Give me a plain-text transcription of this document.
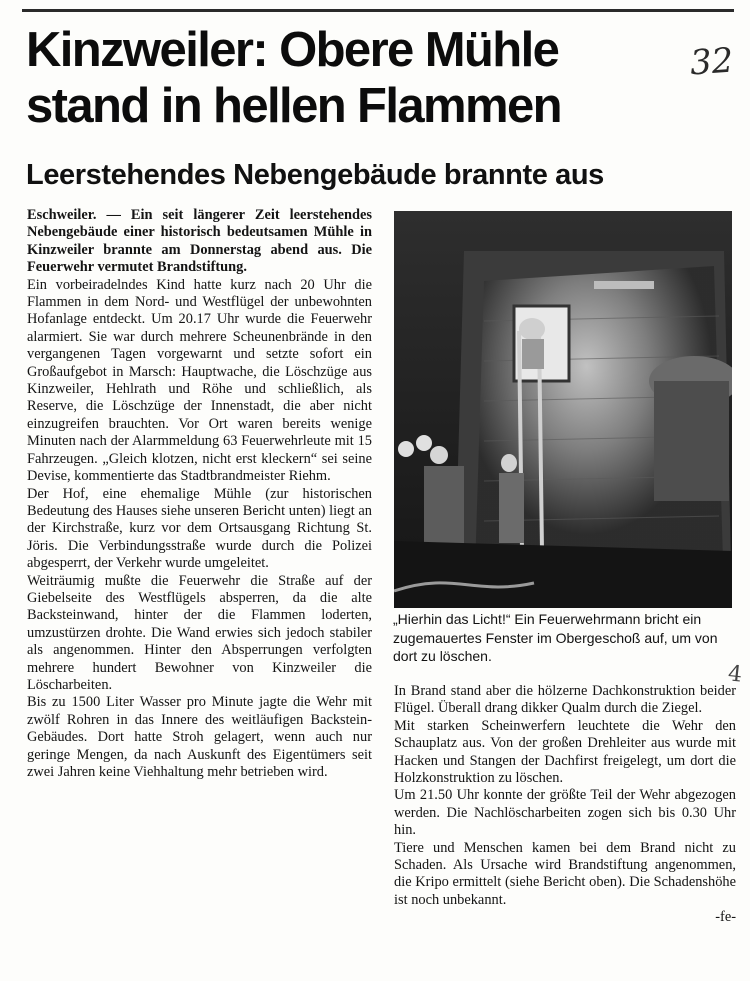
Kinzweiler: Obere Mühle
stand in hellen Flammen
32
Leerstehendes Nebengebäude brannte aus

Eschweiler. — Ein seit längerer Zeit leerstehendes Nebengebäude einer historisch bedeutsamen Mühle in Kinzweiler brannte am Donnerstag abend aus. Die Feuerwehr vermutet Brandstiftung.

Ein vorbeiradelndes Kind hatte kurz nach 20 Uhr die Flammen in dem Nord- und Westflügel der unbewohnten Hofanlage entdeckt. Um 20.17 Uhr wurde die Feuerwehr alarmiert. Sie war durch mehrere Scheunenbrände in den vergangenen Tagen vorgewarnt und setzte sofort ein Großaufgebot in Marsch: Hauptwache, die Löschzüge aus Kinzweiler, Hehlrath und Röhe und schließlich, als Reserve, die Löschzüge der Innenstadt, die aber nicht einzugreifen brauchten. Vor Ort waren bereits wenige Minuten nach der Alarmmeldung 63 Feuerwehrleute mit 15 Fahrzeugen. „Gleich klotzen, nicht erst kleckern“ sei seine Devise, kommentierte das Stadtbrandmeister Riehm.

Der Hof, eine ehemalige Mühle (zur historischen Bedeutung des Hauses siehe unseren Bericht unten) liegt an der Kirchstraße, kurz vor dem Ortsausgang Richtung St. Jöris. Die Verbindungsstraße wurde durch die Polizei abgesperrt, der Verkehr wurde umgeleitet.

Weiträumig mußte die Feuerwehr die Straße auf der Giebelseite des Westflügels absperren, da die alte Backsteinwand, hinter der die Flammen loderten, umzustürzen drohte. Die Wand erwies sich jedoch stabiler als angenommen. Hinter den Absperrungen verfolgten mehrere hundert Bewohner von Kinzweiler die Löscharbeiten.

Bis zu 1500 Liter Wasser pro Minute jagte die Wehr mit zwölf Rohren in das Innere des weitläufigen Backstein-Gebäudes. Dort hatte Stroh gelagert, wenn auch nur geringe Mengen, da nach Auskunft des Eigentümers seit zwei Jahren keine Viehhaltung mehr betrieben wird.

„Hierhin das Licht!“ Ein Feuerwehrmann bricht ein zugemauertes Fenster im Obergeschoß auf, um von dort zu löschen.
4

In Brand stand aber die hölzerne Dachkonstruktion beider Flügel. Überall drang dikker Qualm durch die Ziegel.

Mit starken Scheinwerfern leuchtete die Wehr den Schauplatz aus. Von der großen Drehleiter aus wurde mit Hacken und Stangen der Dachfirst freigelegt, um dort die Holzkonstruktion zu löschen.

Um 21.50 Uhr konnte der größte Teil der Wehr abgezogen werden. Die Nachlöscharbeiten zogen sich bis 0.30 Uhr hin.

Tiere und Menschen kamen bei dem Brand nicht zu Schaden. Als Ursache wird Brandstiftung angenommen, die Kripo ermittelt (siehe Bericht oben). Die Schadenshöhe ist noch unbekannt.

-fe-
